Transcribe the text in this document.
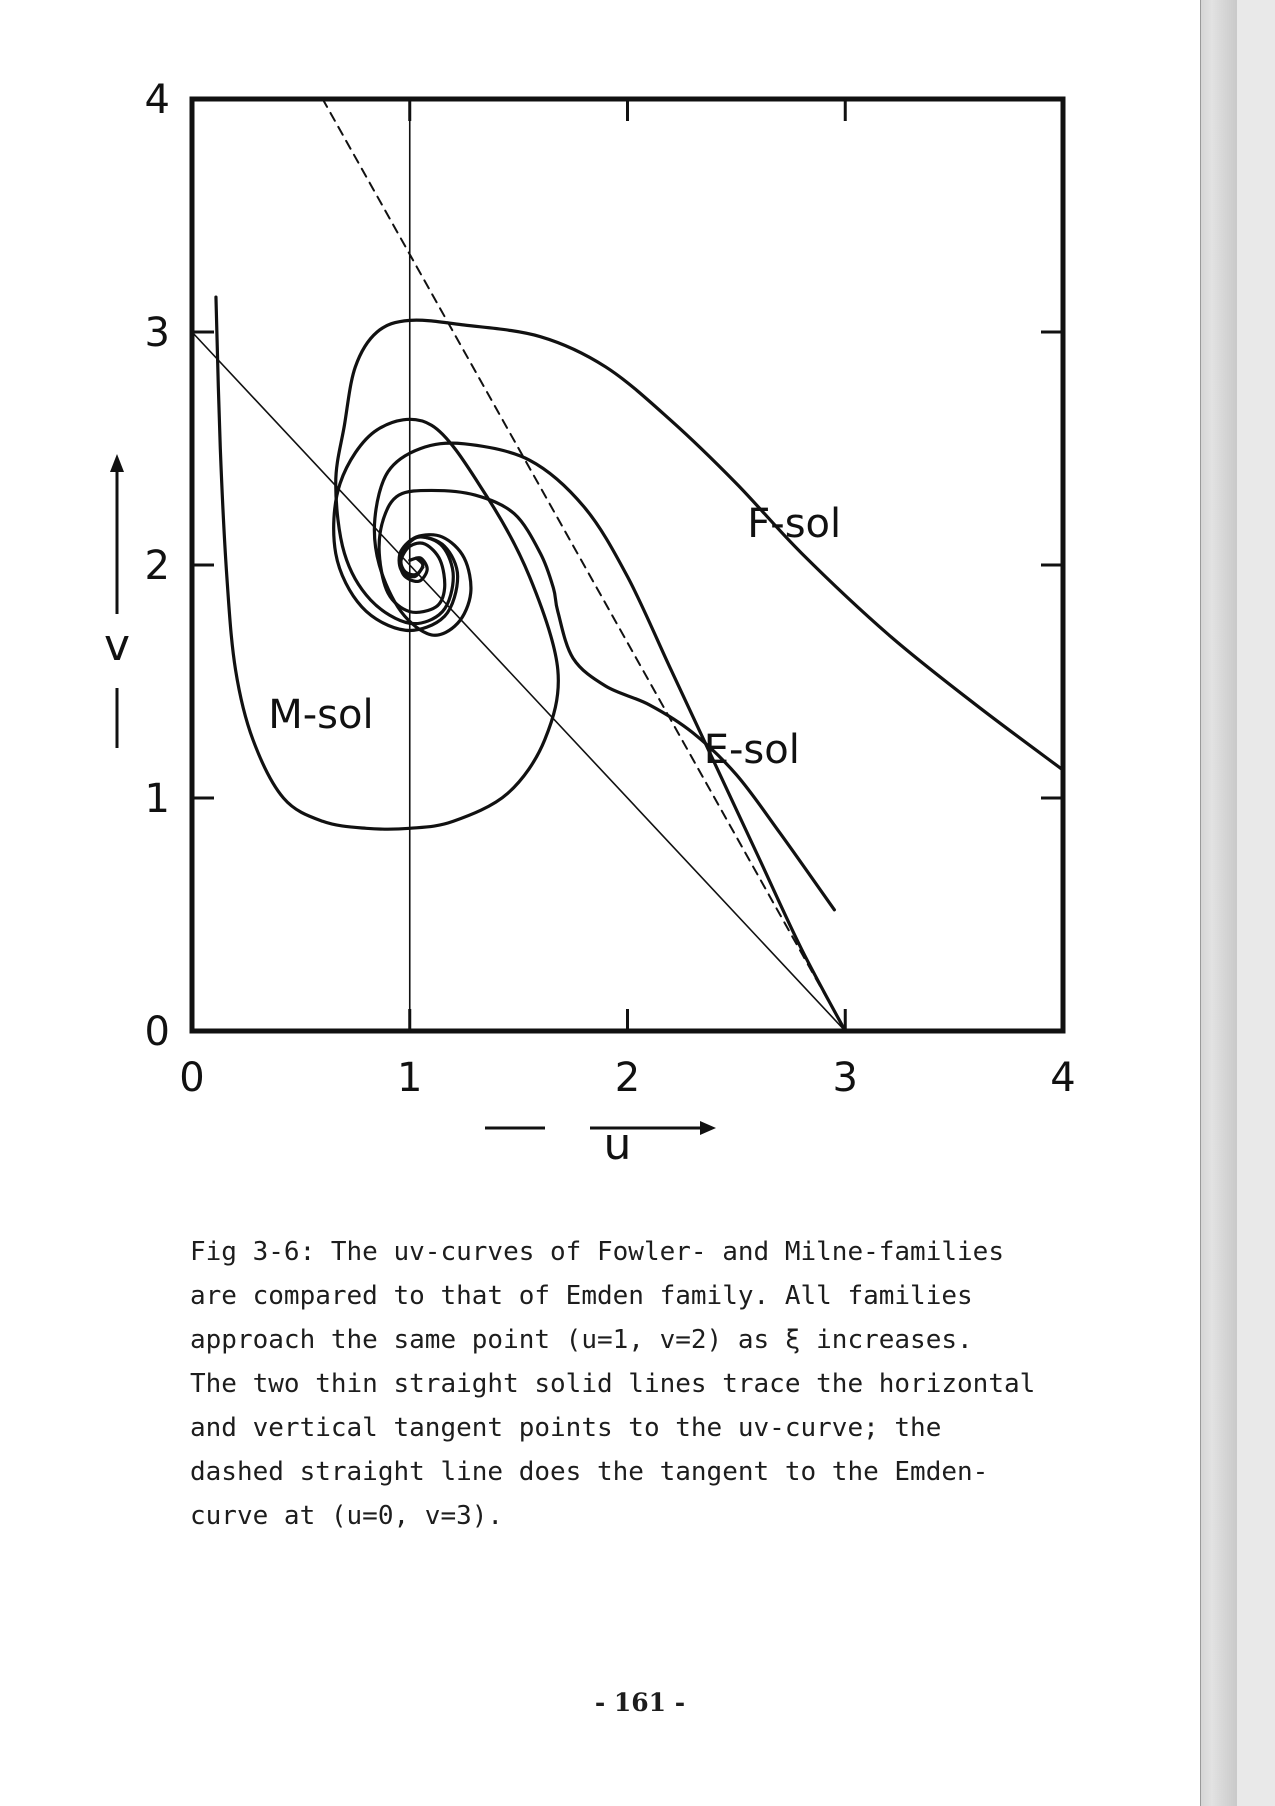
0	1	2	3	4
0
1
2
3
4
F-sol
E-sol
M-sol
u
v
Fig 3-6: The uv-curves of Fowler- and Milne-families
are compared to that of Emden family. All families
approach the same point (u=1, v=2) as ξ increases.
The two thin straight solid lines trace the horizontal
and vertical tangent points to the uv-curve; the
dashed straight line does the tangent to the Emden-
curve at (u=0, v=3).
- 161 -
